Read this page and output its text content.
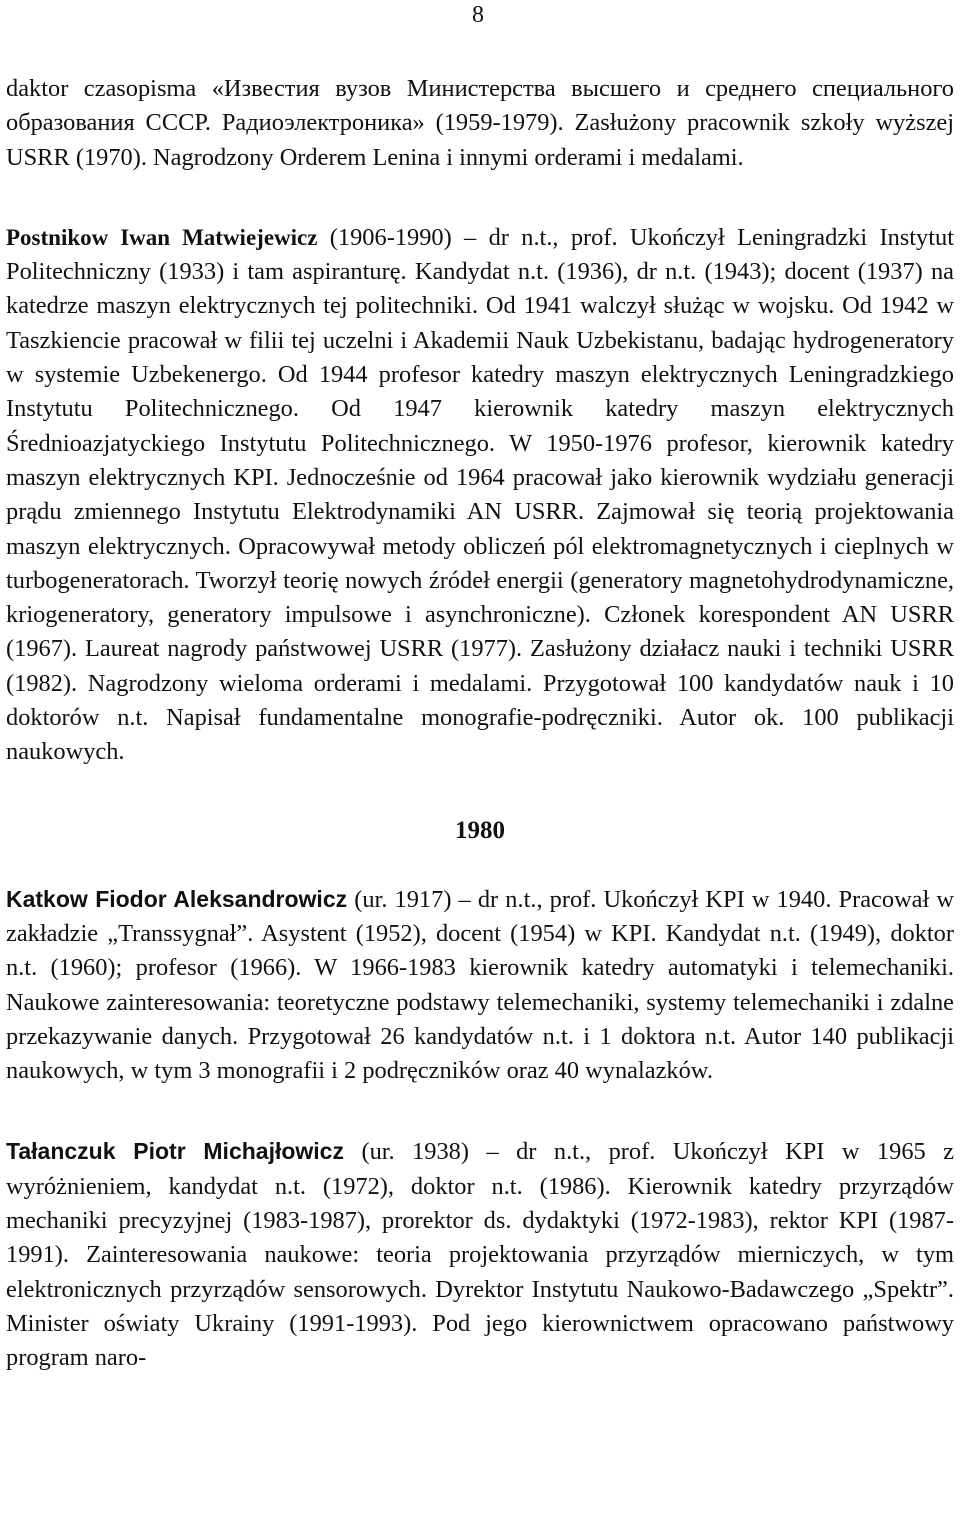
8

daktor czasopisma «Известия вузов Министерства высшего и среднего специального образования СССР. Радиоэлектроника» (1959-1979). Zasłużony pracownik szkoły wyższej USRR (1970). Nagrodzony Orderem Lenina i innymi orderami i medalami.

Postnikow Iwan Matwiejewicz (1906-1990) – dr n.t., prof. Ukończył Leningradzki Instytut Politechniczny (1933) i tam aspiranturę. Kandydat n.t. (1936), dr n.t. (1943); docent (1937) na katedrze maszyn elektrycznych tej politechniki. Od 1941 walczył służąc w wojsku. Od 1942 w Taszkiencie pracował w filii tej uczelni i Akademii Nauk Uzbekistanu, badając hydrogeneratory w systemie Uzbekenergo. Od 1944 profesor katedry maszyn elektrycznych Leningradzkiego Instytutu Politechnicznego. Od 1947 kierownik katedry maszyn elektrycznych Średnioazjatyckiego Instytutu Politechnicznego. W 1950-1976 profesor, kierownik katedry maszyn elektrycznych KPI. Jednocześnie od 1964 pracował jako kierownik wydziału generacji prądu zmiennego Instytutu Elektrodynamiki AN USRR. Zajmował się teorią projektowania maszyn elektrycznych. Opracowywał metody obliczeń pól elektromagnetycznych i cieplnych w turbogeneratorach. Tworzył teorię nowych źródeł energii (generatory magnetohydrodynamiczne, kriogeneratory, generatory impulsowe i asynchroniczne). Członek korespondent AN USRR (1967). Laureat nagrody państwowej USRR (1977). Zasłużony działacz nauki i techniki USRR (1982). Nagrodzony wieloma orderami i medalami. Przygotował 100 kandydatów nauk i 10 doktorów n.t. Napisał fundamentalne monografie-podręczniki. Autor ok. 100 publikacji naukowych.

1980

Katkow Fiodor Aleksandrowicz (ur. 1917) – dr n.t., prof. Ukończył KPI w 1940. Pracował w zakładzie „Transsygnał”. Asystent (1952), docent (1954) w KPI. Kandydat n.t. (1949), doktor n.t. (1960); profesor (1966). W 1966-1983 kierownik katedry automatyki i telemechaniki. Naukowe zainteresowania: teoretyczne podstawy telemechaniki, systemy telemechaniki i zdalne przekazywanie danych. Przygotował 26 kandydatów n.t. i 1 doktora n.t. Autor 140 publikacji naukowych, w tym 3 monografii i 2 podręczników oraz 40 wynalazków.

Tałanczuk Piotr Michajłowicz (ur. 1938) – dr n.t., prof. Ukończył KPI w 1965 z wyróżnieniem, kandydat n.t. (1972), doktor n.t. (1986). Kierownik katedry przyrządów mechaniki precyzyjnej (1983-1987), prorektor ds. dydaktyki (1972-1983), rektor KPI (1987-1991). Zainteresowania naukowe: teoria projektowania przyrządów mierniczych, w tym elektronicznych przyrządów sensorowych. Dyrektor Instytutu Naukowo-Badawczego „Spektr”. Minister oświaty Ukrainy (1991-1993). Pod jego kierownictwem opracowano państwowy program naro-
